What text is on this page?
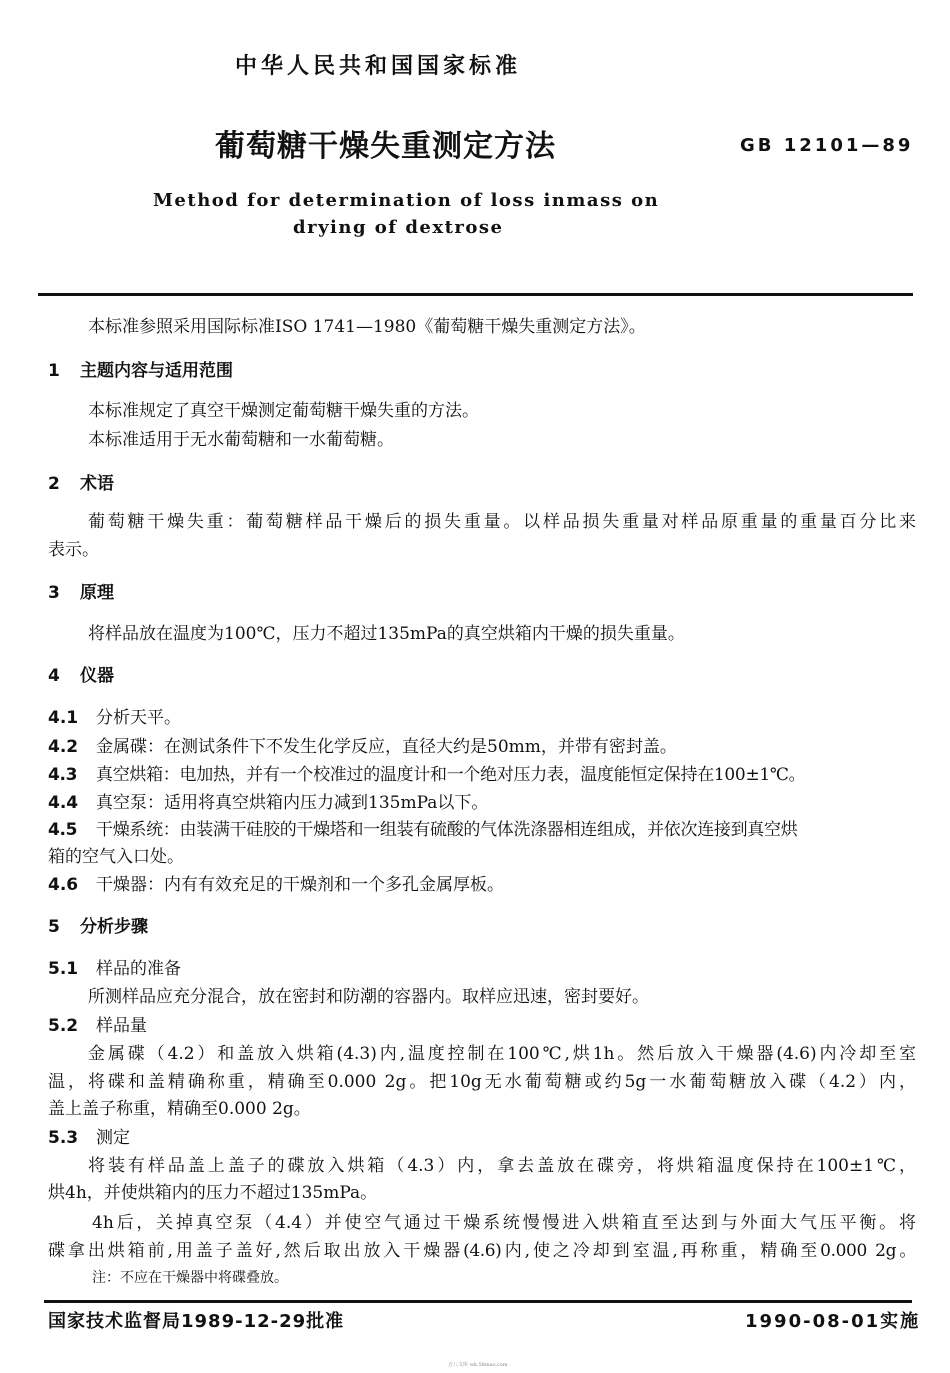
中华人民共和国国家标准
葡萄糖干燥失重测定方法	GB 12101—89
Method for determination of loss inmass on
drying of dextrose
本标准参照采用国际标准ISO 1741—1980《葡萄糖干燥失重测定方法》。
1 主题内容与适用范围
本标准规定了真空干燥测定葡萄糖干燥失重的方法。
本标准适用于无水葡萄糖和一水葡萄糖。
2 术语
葡萄糖干燥失重：葡萄糖样品干燥后的损失重量。以样品损失重量对样品原重量的重量百分比来
表示。
3 原理
将样品放在温度为100℃，压力不超过135mPa的真空烘箱内干燥的损失重量。
4 仪器
4.1 分析天平。
4.2 金属碟：在测试条件下不发生化学反应，直径大约是50mm，并带有密封盖。
4.3 真空烘箱：电加热，并有一个校准过的温度计和一个绝对压力表，温度能恒定保持在100±1℃。
4.4 真空泵：适用将真空烘箱内压力减到135mPa以下。
4.5 干燥系统：由装满干硅胶的干燥塔和一组装有硫酸的气体洗涤器相连组成，并依次连接到真空烘
箱的空气入口处。
4.6 干燥器：内有有效充足的干燥剂和一个多孔金属厚板。
5 分析步骤
5.1 样品的准备
所测样品应充分混合，放在密封和防潮的容器内。取样应迅速，密封要好。
5.2 样品量
金属碟（4.2）和盖放入烘箱(4.3)内,温度控制在100℃,烘1h。然后放入干燥器(4.6)内冷却至室
温，将碟和盖精确称重，精确至0.000 2g。把10g无水葡萄糖或约5g一水葡萄糖放入碟（4.2）内，
盖上盖子称重，精确至0.000 2g。
5.3 测定
将装有样品盖上盖子的碟放入烘箱（4.3）内，拿去盖放在碟旁，将烘箱温度保持在100±1℃，
烘4h，并使烘箱内的压力不超过135mPa。
4h后，关掉真空泵（4.4）并使空气通过干燥系统慢慢进入烘箱直至达到与外面大气压平衡。将
碟拿出烘箱前,用盖子盖好,然后取出放入干燥器(4.6)内,使之冷却到室温,再称重，精确至0.000 2g。
注：不应在干燥器中将碟叠放。
国家技术监督局1989-12-29批准	1990-08-01实施
五八文库 wk.58mao.com
